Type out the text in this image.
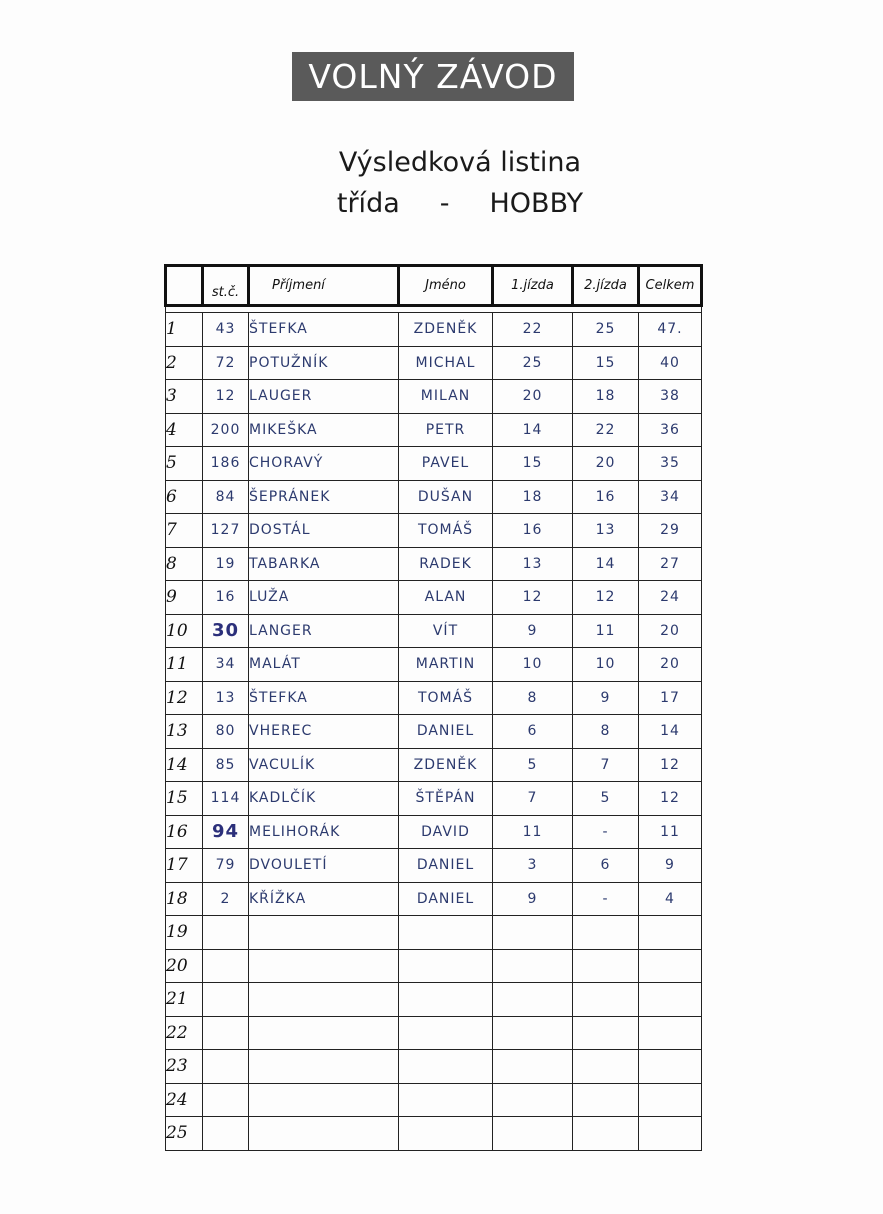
VOLNÝ ZÁVOD
Výsledková listina
třída - HOBBY
	st.č.	Příjmení	Jméno	1.jízda	2.jízda	Celkem

1	43	ŠTEFKA	ZDENĚK	22	25	47.
2	72	POTUŽNÍK	MICHAL	25	15	40
3	12	LAUGER	MILAN	20	18	38
4	200	MIKEŠKA	PETR	14	22	36
5	186	CHORAVÝ	PAVEL	15	20	35
6	84	ŠEPRÁNEK	DUŠAN	18	16	34
7	127	DOSTÁL	TOMÁŠ	16	13	29
8	19	TABARKA	RADEK	13	14	27
9	16	LUŽA	ALAN	12	12	24
10	30	LANGER	VÍT	9	11	20
11	34	MALÁT	MARTIN	10	10	20
12	13	ŠTEFKA	TOMÁŠ	8	9	17
13	80	VHEREC	DANIEL	6	8	14
14	85	VACULÍK	ZDENĚK	5	7	12
15	114	KADLČÍK	ŠTĚPÁN	7	5	12
16	94	MELIHORÁK	DAVID	11	-	11
17	79	DVOULETÍ	DANIEL	3	6	9
18	2	KŘÍŽKA	DANIEL	9	-	4
19						
20						
21						
22						
23						
24						
25						
